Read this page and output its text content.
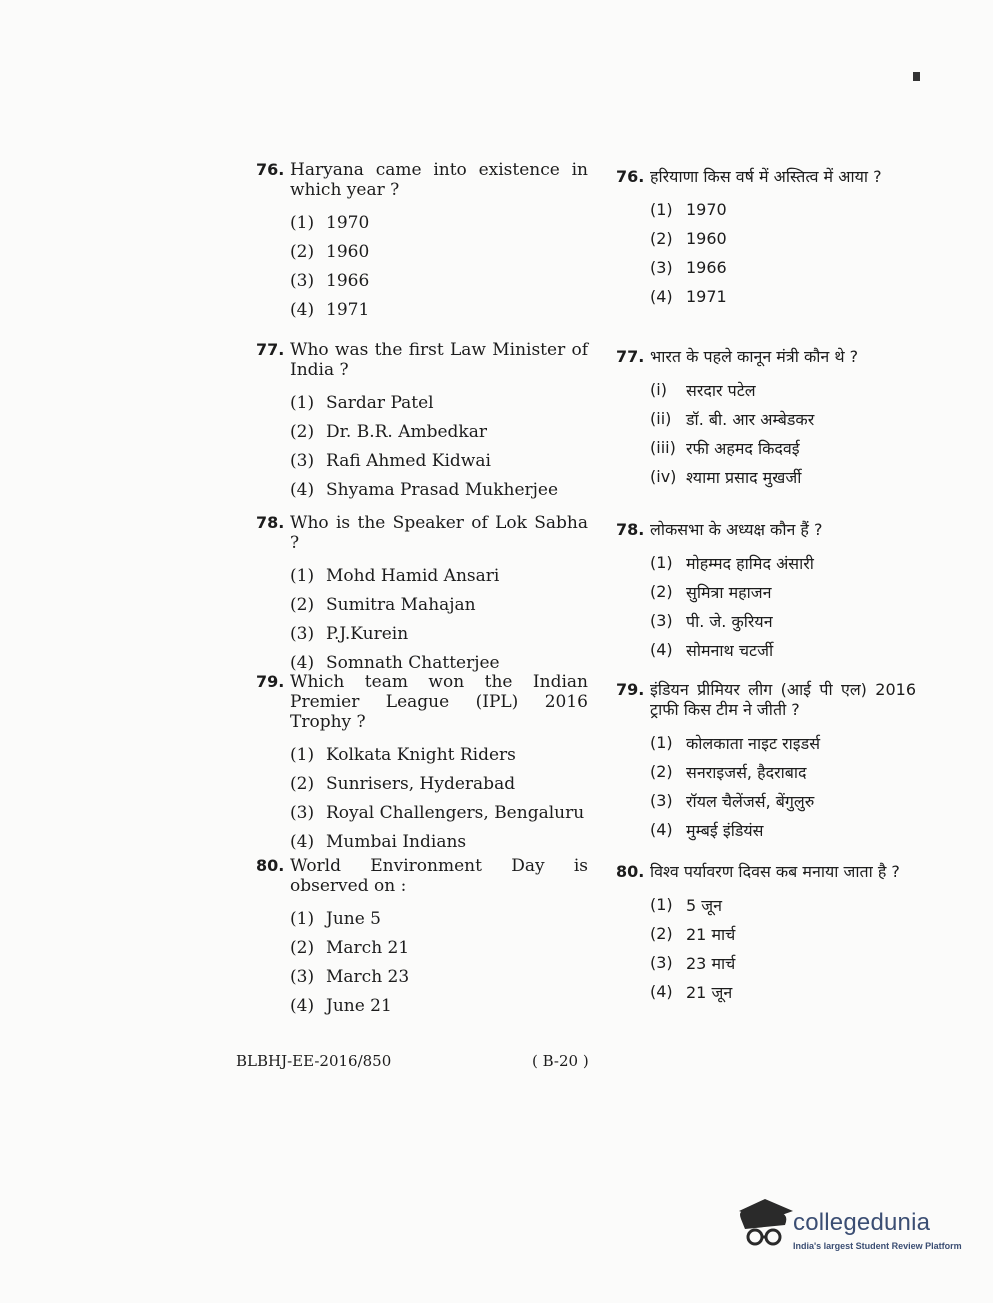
76. Haryana came into existence in which year ?
(1) 1970
(2) 1960
(3) 1966
(4) 1971
77. Who was the first Law Minister of India ?
(1) Sardar Patel
(2) Dr. B.R. Ambedkar
(3) Rafi Ahmed Kidwai
(4) Shyama Prasad Mukherjee
78. Who is the Speaker of Lok Sabha ?
(1) Mohd Hamid Ansari
(2) Sumitra Mahajan
(3) P.J.Kurein
(4) Somnath Chatterjee
79. Which team won the Indian Premier League (IPL) 2016 Trophy ?
(1) Kolkata Knight Riders
(2) Sunrisers, Hyderabad
(3) Royal Challengers, Bengaluru
(4) Mumbai Indians
80. World Environment Day is observed on :
(1) June 5
(2) March 21
(3) March 23
(4) June 21
76. हरियाणा किस वर्ष में अस्तित्व में आया ?
(1) 1970
(2) 1960
(3) 1966
(4) 1971
77. भारत के पहले कानून मंत्री कौन थे ?
(i)	सरदार पटेल
(ii) डॉ. बी. आर अम्बेडकर
(iii) रफी अहमद किदवई
(iv) श्यामा प्रसाद मुखर्जी
78. लोकसभा के अध्यक्ष कौन हैं ?
(1) मोहम्मद हामिद अंसारी
(2) सुमित्रा महाजन
(3) पी. जे. कुरियन
(4) सोमनाथ चटर्जी
79. इंडियन प्रीमियर लीग (आई पी एल) 2016 ट्राफी किस टीम ने जीती ?
(1) कोलकाता नाइट राइडर्स
(2) सनराइजर्स, हैदराबाद
(3) रॉयल चैलेंजर्स, बेंगुलुरु
(4) मुम्बई इंडियंस
80. विश्व पर्यावरण दिवस कब मनाया जाता है ?
(1) 5 जून
(2) 21 मार्च
(3) 23 मार्च
(4) 21 जून
BLBHJ-EE-2016/850	( B-20 )
collegedunia
India's largest Student Review Platform
